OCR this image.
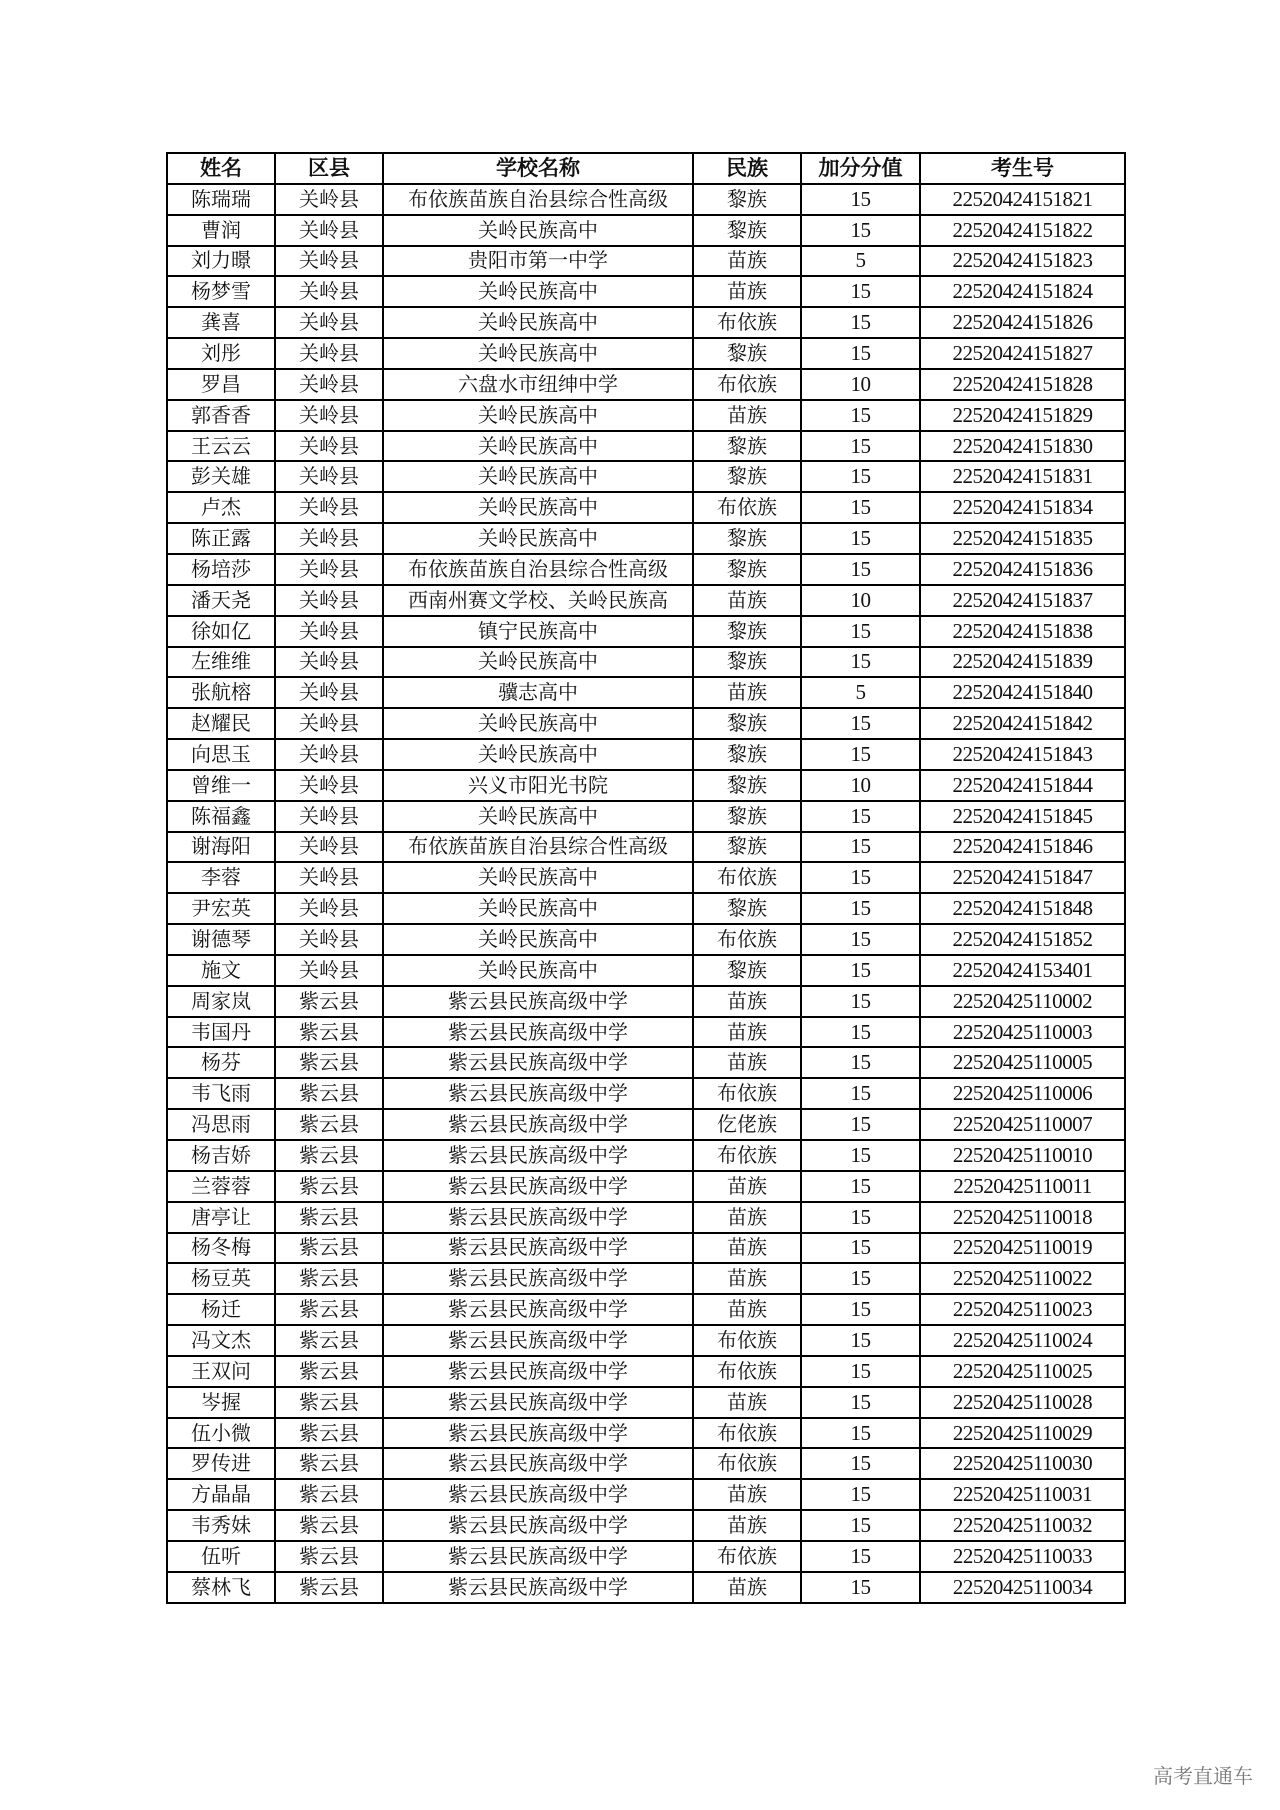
姓名	区县	学校名称	民族	加分分值	考生号
陈瑞瑞	关岭县	布依族苗族自治县综合性高级	黎族	15	22520424151821
曹润	关岭县	关岭民族高中	黎族	15	22520424151822
刘力暻	关岭县	贵阳市第一中学	苗族	5	22520424151823
杨梦雪	关岭县	关岭民族高中	苗族	15	22520424151824
龚喜	关岭县	关岭民族高中	布依族	15	22520424151826
刘彤	关岭县	关岭民族高中	黎族	15	22520424151827
罗昌	关岭县	六盘水市纽绅中学	布依族	10	22520424151828
郭香香	关岭县	关岭民族高中	苗族	15	22520424151829
王云云	关岭县	关岭民族高中	黎族	15	22520424151830
彭关雄	关岭县	关岭民族高中	黎族	15	22520424151831
卢杰	关岭县	关岭民族高中	布依族	15	22520424151834
陈正露	关岭县	关岭民族高中	黎族	15	22520424151835
杨培莎	关岭县	布依族苗族自治县综合性高级	黎族	15	22520424151836
潘天尧	关岭县	西南州赛文学校、关岭民族高	苗族	10	22520424151837
徐如亿	关岭县	镇宁民族高中	黎族	15	22520424151838
左维维	关岭县	关岭民族高中	黎族	15	22520424151839
张航榕	关岭县	骥志高中	苗族	5	22520424151840
赵耀民	关岭县	关岭民族高中	黎族	15	22520424151842
向思玉	关岭县	关岭民族高中	黎族	15	22520424151843
曾维一	关岭县	兴义市阳光书院	黎族	10	22520424151844
陈福鑫	关岭县	关岭民族高中	黎族	15	22520424151845
谢海阳	关岭县	布依族苗族自治县综合性高级	黎族	15	22520424151846
李蓉	关岭县	关岭民族高中	布依族	15	22520424151847
尹宏英	关岭县	关岭民族高中	黎族	15	22520424151848
谢德琴	关岭县	关岭民族高中	布依族	15	22520424151852
施文	关岭县	关岭民族高中	黎族	15	22520424153401
周家岚	紫云县	紫云县民族高级中学	苗族	15	22520425110002
韦国丹	紫云县	紫云县民族高级中学	苗族	15	22520425110003
杨芬	紫云县	紫云县民族高级中学	苗族	15	22520425110005
韦飞雨	紫云县	紫云县民族高级中学	布依族	15	22520425110006
冯思雨	紫云县	紫云县民族高级中学	仡佬族	15	22520425110007
杨吉娇	紫云县	紫云县民族高级中学	布依族	15	22520425110010
兰蓉蓉	紫云县	紫云县民族高级中学	苗族	15	22520425110011
唐亭让	紫云县	紫云县民族高级中学	苗族	15	22520425110018
杨冬梅	紫云县	紫云县民族高级中学	苗族	15	22520425110019
杨豆英	紫云县	紫云县民族高级中学	苗族	15	22520425110022
杨迁	紫云县	紫云县民族高级中学	苗族	15	22520425110023
冯文杰	紫云县	紫云县民族高级中学	布依族	15	22520425110024
王双问	紫云县	紫云县民族高级中学	布依族	15	22520425110025
岑握	紫云县	紫云县民族高级中学	苗族	15	22520425110028
伍小微	紫云县	紫云县民族高级中学	布依族	15	22520425110029
罗传进	紫云县	紫云县民族高级中学	布依族	15	22520425110030
方晶晶	紫云县	紫云县民族高级中学	苗族	15	22520425110031
韦秀妹	紫云县	紫云县民族高级中学	苗族	15	22520425110032
伍听	紫云县	紫云县民族高级中学	布依族	15	22520425110033
蔡林飞	紫云县	紫云县民族高级中学	苗族	15	22520425110034
高考直通车
